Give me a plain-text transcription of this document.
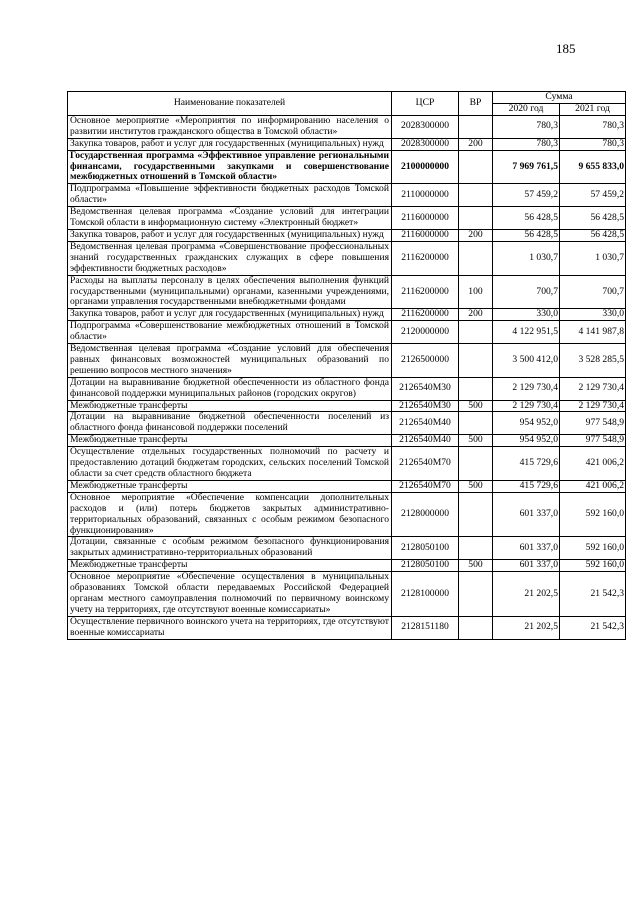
185
Наименование показателей	ЦСР	ВР	Сумма	
			2020 год	2021 год
Основное мероприятие «Мероприятия по информированию населения о развитии институтов гражданского общества в Томской области»	2028300000		780,3	780,3
Закупка товаров, работ и услуг для государственных (муниципальных) нужд	2028300000	200	780,3	780,3
Государственная программа «Эффективное управление региональными финансами, государственными закупками и совершенствование межбюджетных отношений в Томской области»	2100000000		7 969 761,5	9 655 833,0
Подпрограмма «Повышение эффективности бюджетных расходов Томской области»	2110000000		57 459,2	57 459,2
Ведомственная целевая программа «Создание условий для интеграции Томской области в информационную систему «Электронный бюджет»	2116000000		56 428,5	56 428,5
Закупка товаров, работ и услуг для государственных (муниципальных) нужд	2116000000	200	56 428,5	56 428,5
Ведомственная целевая программа «Совершенствование профессиональных знаний государственных гражданских служащих в сфере повышения эффективности бюджетных расходов»	2116200000		1 030,7	1 030,7
Расходы на выплаты персоналу в целях обеспечения выполнения функций государственными (муниципальными) органами, казенными учреждениями, органами управления государственными внебюджетными фондами	2116200000	100	700,7	700,7
Закупка товаров, работ и услуг для государственных (муниципальных) нужд	2116200000	200	330,0	330,0
Подпрограмма «Совершенствование межбюджетных отношений в Томской области»	2120000000		4 122 951,5	4 141 987,8
Ведомственная целевая программа «Создание условий для обеспечения равных финансовых возможностей муниципальных образований по решению вопросов местного значения»	2126500000		3 500 412,0	3 528 285,5
Дотации на выравнивание бюджетной обеспеченности из областного фонда финансовой поддержки муниципальных районов (городских округов)	2126540М30		2 129 730,4	2 129 730,4
Межбюджетные трансферты	2126540М30	500	2 129 730,4	2 129 730,4
Дотации на выравнивание бюджетной обеспеченности поселений из областного фонда финансовой поддержки поселений	2126540М40		954 952,0	977 548,9
Межбюджетные трансферты	2126540М40	500	954 952,0	977 548,9
Осуществление отдельных государственных полномочий по расчету и предоставлению дотаций бюджетам городских, сельских поселений Томской области за счет средств областного бюджета	2126540М70		415 729,6	421 006,2
Межбюджетные трансферты	2126540М70	500	415 729,6	421 006,2
Основное мероприятие «Обеспечение компенсации дополнительных расходов и (или) потерь бюджетов закрытых административно-территориальных образований, связанных с особым режимом безопасного функционирования»	2128000000		601 337,0	592 160,0
Дотации, связанные с особым режимом безопасного функционирования закрытых административно-территориальных образований	2128050100		601 337,0	592 160,0
Межбюджетные трансферты	2128050100	500	601 337,0	592 160,0
Основное мероприятие «Обеспечение осуществления в муниципальных образованиях Томской области передаваемых Российской Федерацией органам местного самоуправления полномочий по первичному воинскому учету на территориях, где отсутствуют военные комиссариаты»	2128100000		21 202,5	21 542,3
Осуществление первичного воинского учета на территориях, где отсутствуют военные комиссариаты	2128151180		21 202,5	21 542,3
